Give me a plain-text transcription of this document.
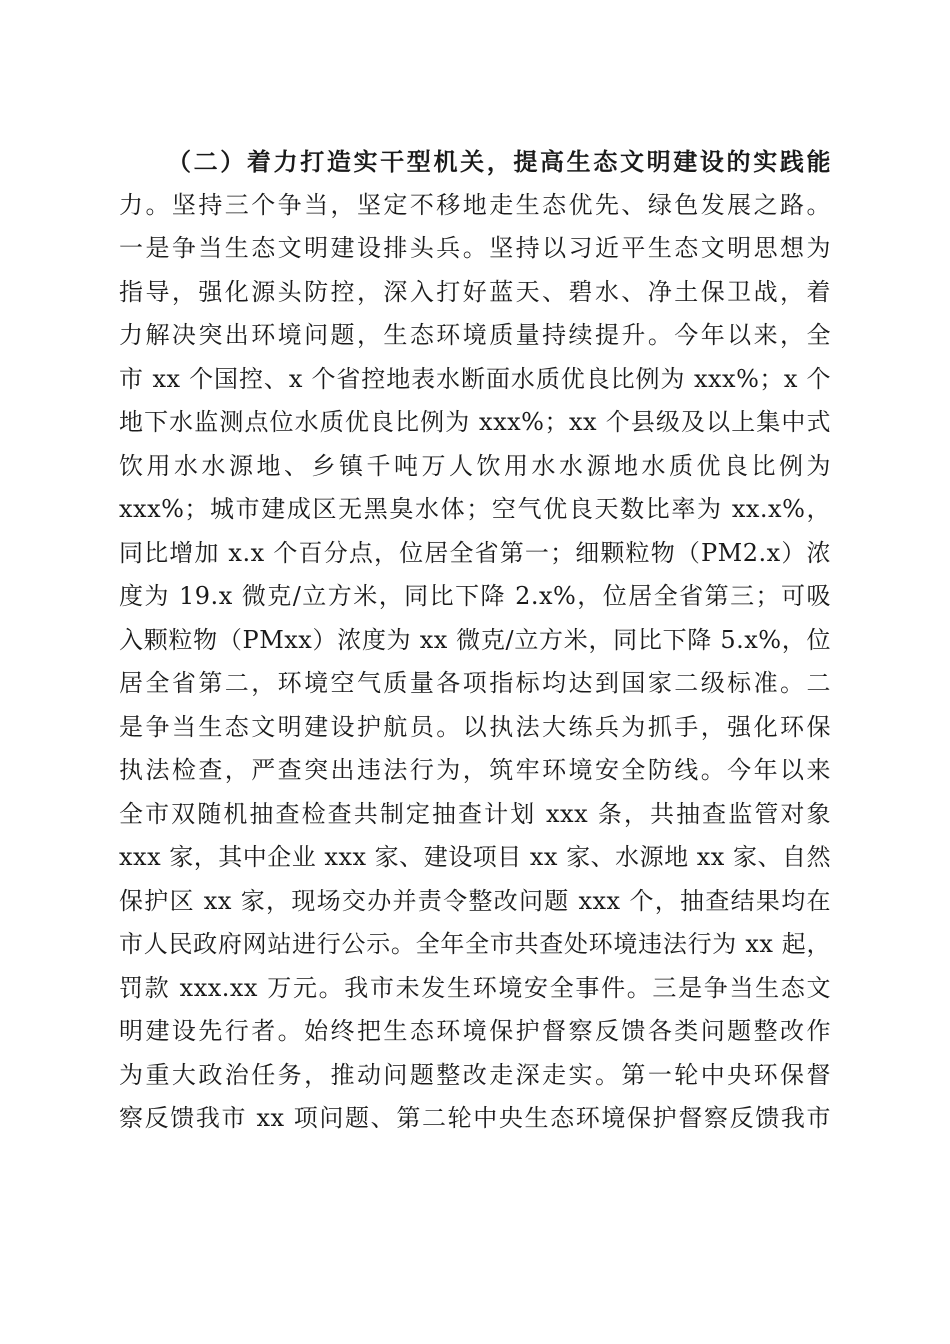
（二）着力打造实干型机关，提高生态文明建设的实践能
力。坚持三个争当，坚定不移地走生态优先、绿色发展之路。
一是争当生态文明建设排头兵。坚持以习近平生态文明思想为
指导，强化源头防控，深入打好蓝天、碧水、净土保卫战，着
力解决突出环境问题，生态环境质量持续提升。今年以来，全
市 xx 个国控、x 个省控地表水断面水质优良比例为 xxx%；x 个
地下水监测点位水质优良比例为 xxx%；xx 个县级及以上集中式
饮用水水源地、乡镇千吨万人饮用水水源地水质优良比例为
xxx%；城市建成区无黑臭水体；空气优良天数比率为 xx.x%，
同比增加 x.x 个百分点，位居全省第一；细颗粒物（PM2.x）浓
度为 19.x 微克/立方米，同比下降 2.x%，位居全省第三；可吸
入颗粒物（PMxx）浓度为 xx 微克/立方米，同比下降 5.x%，位
居全省第二，环境空气质量各项指标均达到国家二级标准。二
是争当生态文明建设护航员。以执法大练兵为抓手，强化环保
执法检查，严查突出违法行为，筑牢环境安全防线。今年以来
全市双随机抽查检查共制定抽查计划 xxx 条，共抽查监管对象
xxx 家，其中企业 xxx 家、建设项目 xx 家、水源地 xx 家、自然
保护区 xx 家，现场交办并责令整改问题 xxx 个，抽查结果均在
市人民政府网站进行公示。全年全市共查处环境违法行为 xx 起，
罚款 xxx.xx 万元。我市未发生环境安全事件。三是争当生态文
明建设先行者。始终把生态环境保护督察反馈各类问题整改作
为重大政治任务，推动问题整改走深走实。第一轮中央环保督
察反馈我市 xx 项问题、第二轮中央生态环境保护督察反馈我市
